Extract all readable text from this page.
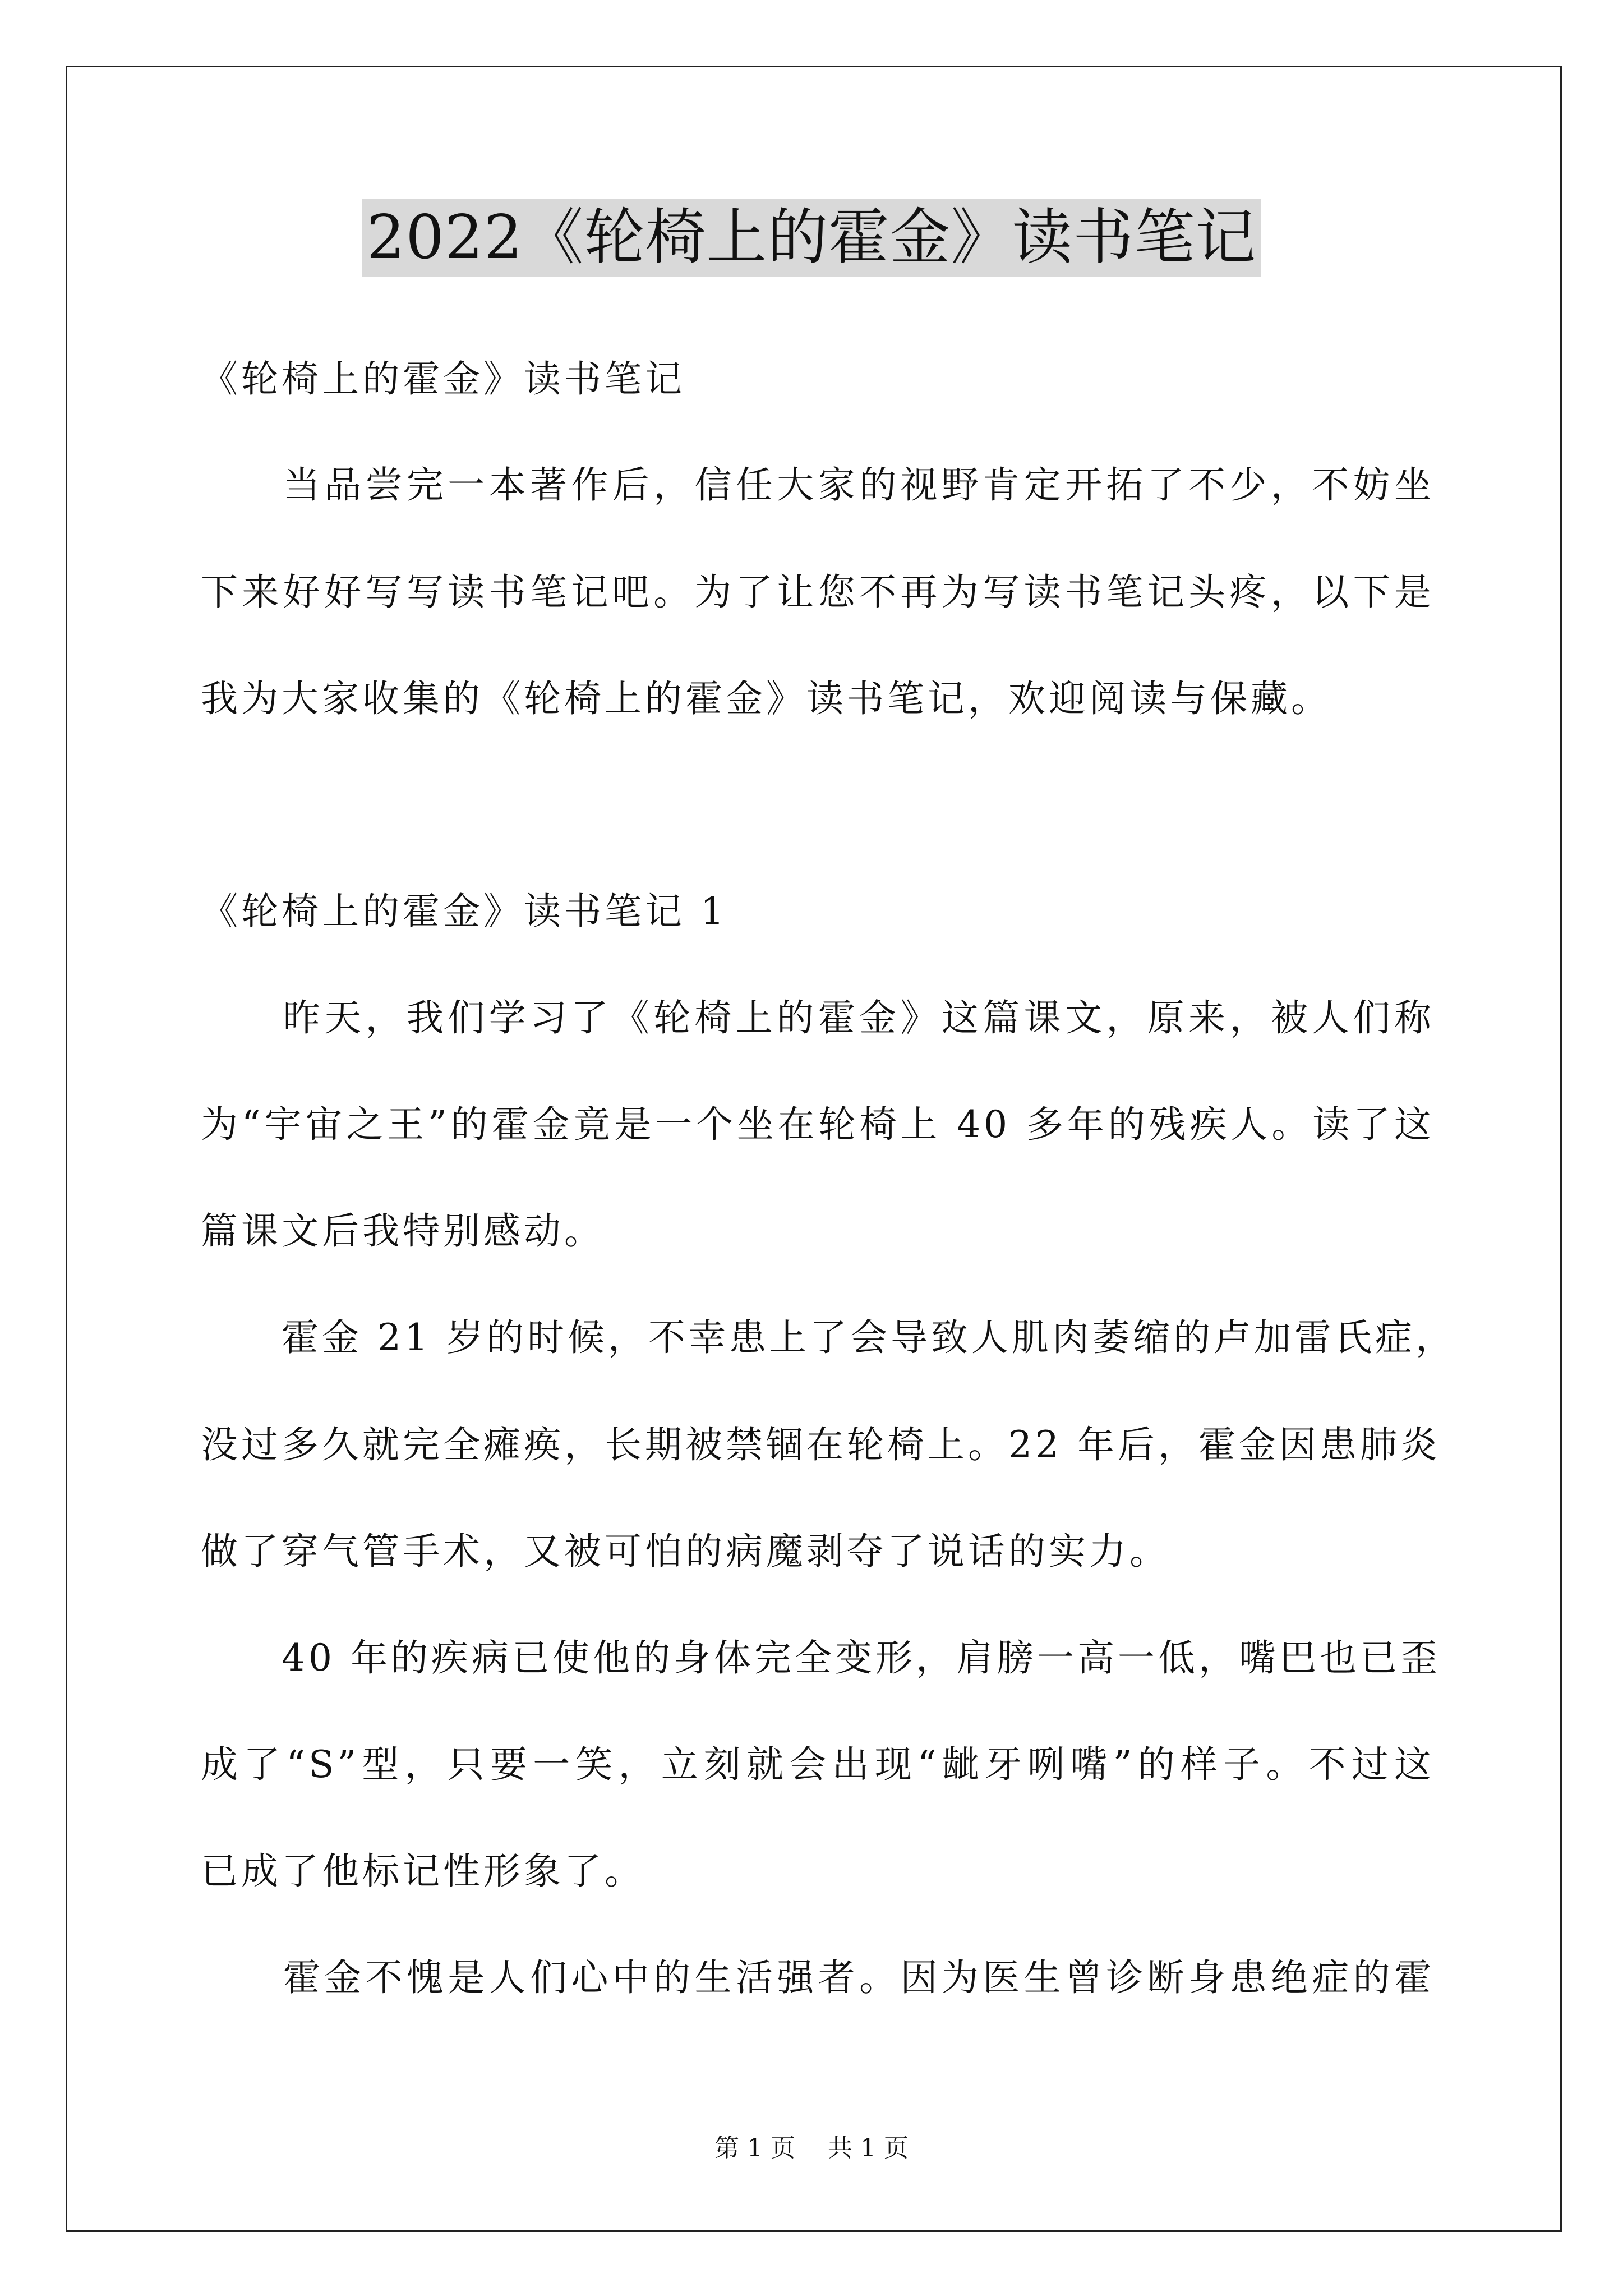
2022《轮椅上的霍金》读书笔记
《轮椅上的霍金》读书笔记
　　当品尝完一本著作后，信任大家的视野肯定开拓了不少，不妨坐
下来好好写写读书笔记吧。为了让您不再为写读书笔记头疼，以下是
我为大家收集的《轮椅上的霍金》读书笔记，欢迎阅读与保藏。
《轮椅上的霍金》读书笔记 1
　　昨天，我们学习了《轮椅上的霍金》这篇课文，原来，被人们称
为“宇宙之王”的霍金竟是一个坐在轮椅上 40 多年的残疾人。读了这
篇课文后我特别感动。
　　霍金 21 岁的时候，不幸患上了会导致人肌肉萎缩的卢加雷氏症，
没过多久就完全瘫痪，长期被禁锢在轮椅上。22 年后，霍金因患肺炎
做了穿气管手术，又被可怕的病魔剥夺了说话的实力。
　　40 年的疾病已使他的身体完全变形，肩膀一高一低，嘴巴也已歪
成了“S”型，只要一笑，立刻就会出现“龇牙咧嘴”的样子。不过这
已成了他标记性形象了。
　　霍金不愧是人们心中的生活强者。因为医生曾诊断身患绝症的霍
第 1 页　 共 1 页
